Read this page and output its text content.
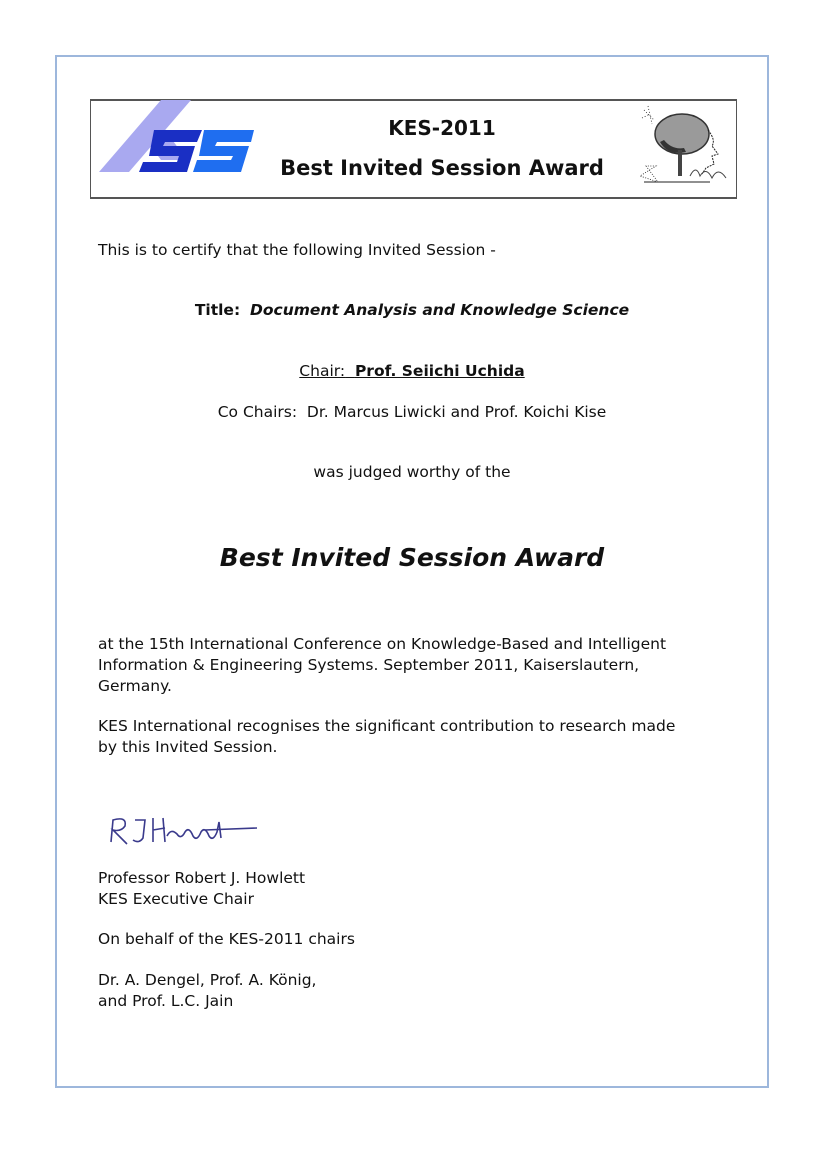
KES-2011
Best Invited Session Award
This is to certify that the following Invited Session -
Title: Document Analysis and Knowledge Science
Chair: Prof. Seiichi Uchida
Co Chairs:  Dr. Marcus Liwicki and Prof. Koichi Kise
was judged worthy of the
Best Invited Session Award
at the 15th International Conference on Knowledge-Based and Intelligent
Information & Engineering Systems. September 2011, Kaiserslautern,
Germany.
KES International recognises the significant contribution to research made
by this Invited Session.
Professor Robert J. Howlett
KES Executive Chair
On behalf of the KES-2011 chairs
Dr. A. Dengel, Prof. A. König,
and Prof. L.C. Jain
